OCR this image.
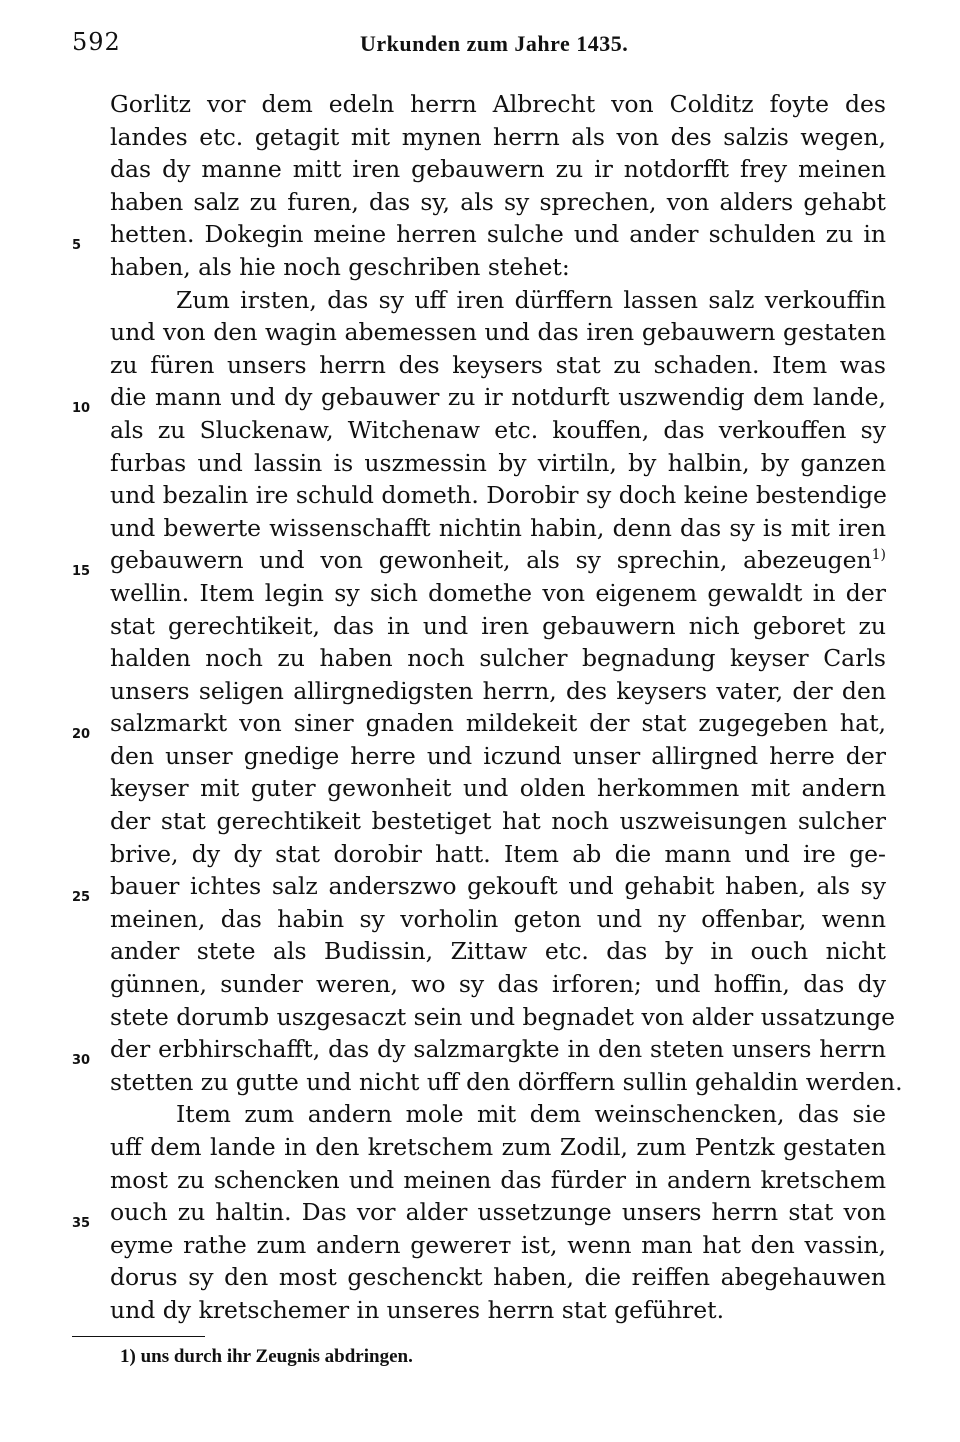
592	Urkunden zum Jahre 1435.
Gorlitz vor dem edeln herrn Albrecht von Colditz foyte des
landes etc. getagit mit mynen herrn als von des salzis wegen,
das dy manne mitt iren gebauwern zu ir notdorfft frey meinen
haben salz zu furen, das sy, als sy sprechen, von alders gehabt
5	hetten. Dokegin meine herren sulche und ander schulden zu in
haben, als hie noch geschriben stehet:
Zum irsten, das sy uff iren dürffern lassen salz verkouffin
und von den wagin abemessen und das iren gebauwern gestaten
zu füren unsers herrn des keysers stat zu schaden. Item was
10 die mann und dy gebauwer zu ir notdurft uszwendig dem lande,
als zu Sluckenaw, Witchenaw etc. kouffen, das verkouffen sy
furbas und lassin is uszmessin by virtiln, by halbin, by ganzen
und bezalin ire schuld dometh. Dorobir sy doch keine bestendige
und bewerte wissenschafft nichtin habin, denn das sy is mit iren
15 gebauwern und von gewonheit, als sy sprechin, abezeugen$^{1)}$
wellin. Item legin sy sich domethe von eigenem gewaldt in der
stat gerechtikeit, das in und iren gebauwern nich geboret zu
halden noch zu haben noch sulcher begnadung keyser Carls
unsers seligen allirgnedigsten herrn, des keysers vater, der den
20 salzmarkt von siner gnaden mildekeit der stat zugegeben hat,
den unser gnedige herre und iczund unser allirgned herre der
keyser mit guter gewonheit und olden herkommen mit andern
der stat gerechtikeit bestetiget hat noch uszweisungen sulcher
brive, dy dy stat dorobir hatt. Item ab die mann und ire ge-
25 bauer ichtes salz anderszwo gekouft und gehabit haben, als sy
meinen, das habin sy vorholin geton und ny offenbar, wenn
ander stete als Budissin, Zittaw etc. das by in ouch nicht
günnen, sunder weren, wo sy das irforen; und hoffin, das dy
stete dorumb uszgesaczt sein und begnadet von alder ussatzunge
30 der erbhirschafft, das dy salzmargkte in den steten unsers herrn
stetten zu gutte und nicht uff den dörffern sullin gehaldin werden.
Item zum andern mole mit dem weinschencken, das sie
uff dem lande in den kretschem zum Zodil, zum Pentzk gestaten
most zu schencken und meinen das fürder in andern kretschem
35 ouch zu haltin. Das vor alder ussetzunge unsers herrn stat von
eyme rathe zum andern gewerет ist, wenn man hat den vassin,
dorus sy den most geschenckt haben, die reiffen abegehauwen
und dy kretschemer in unseres herrn stat geführet.
1) uns durch ihr Zeugnis abdringen.
